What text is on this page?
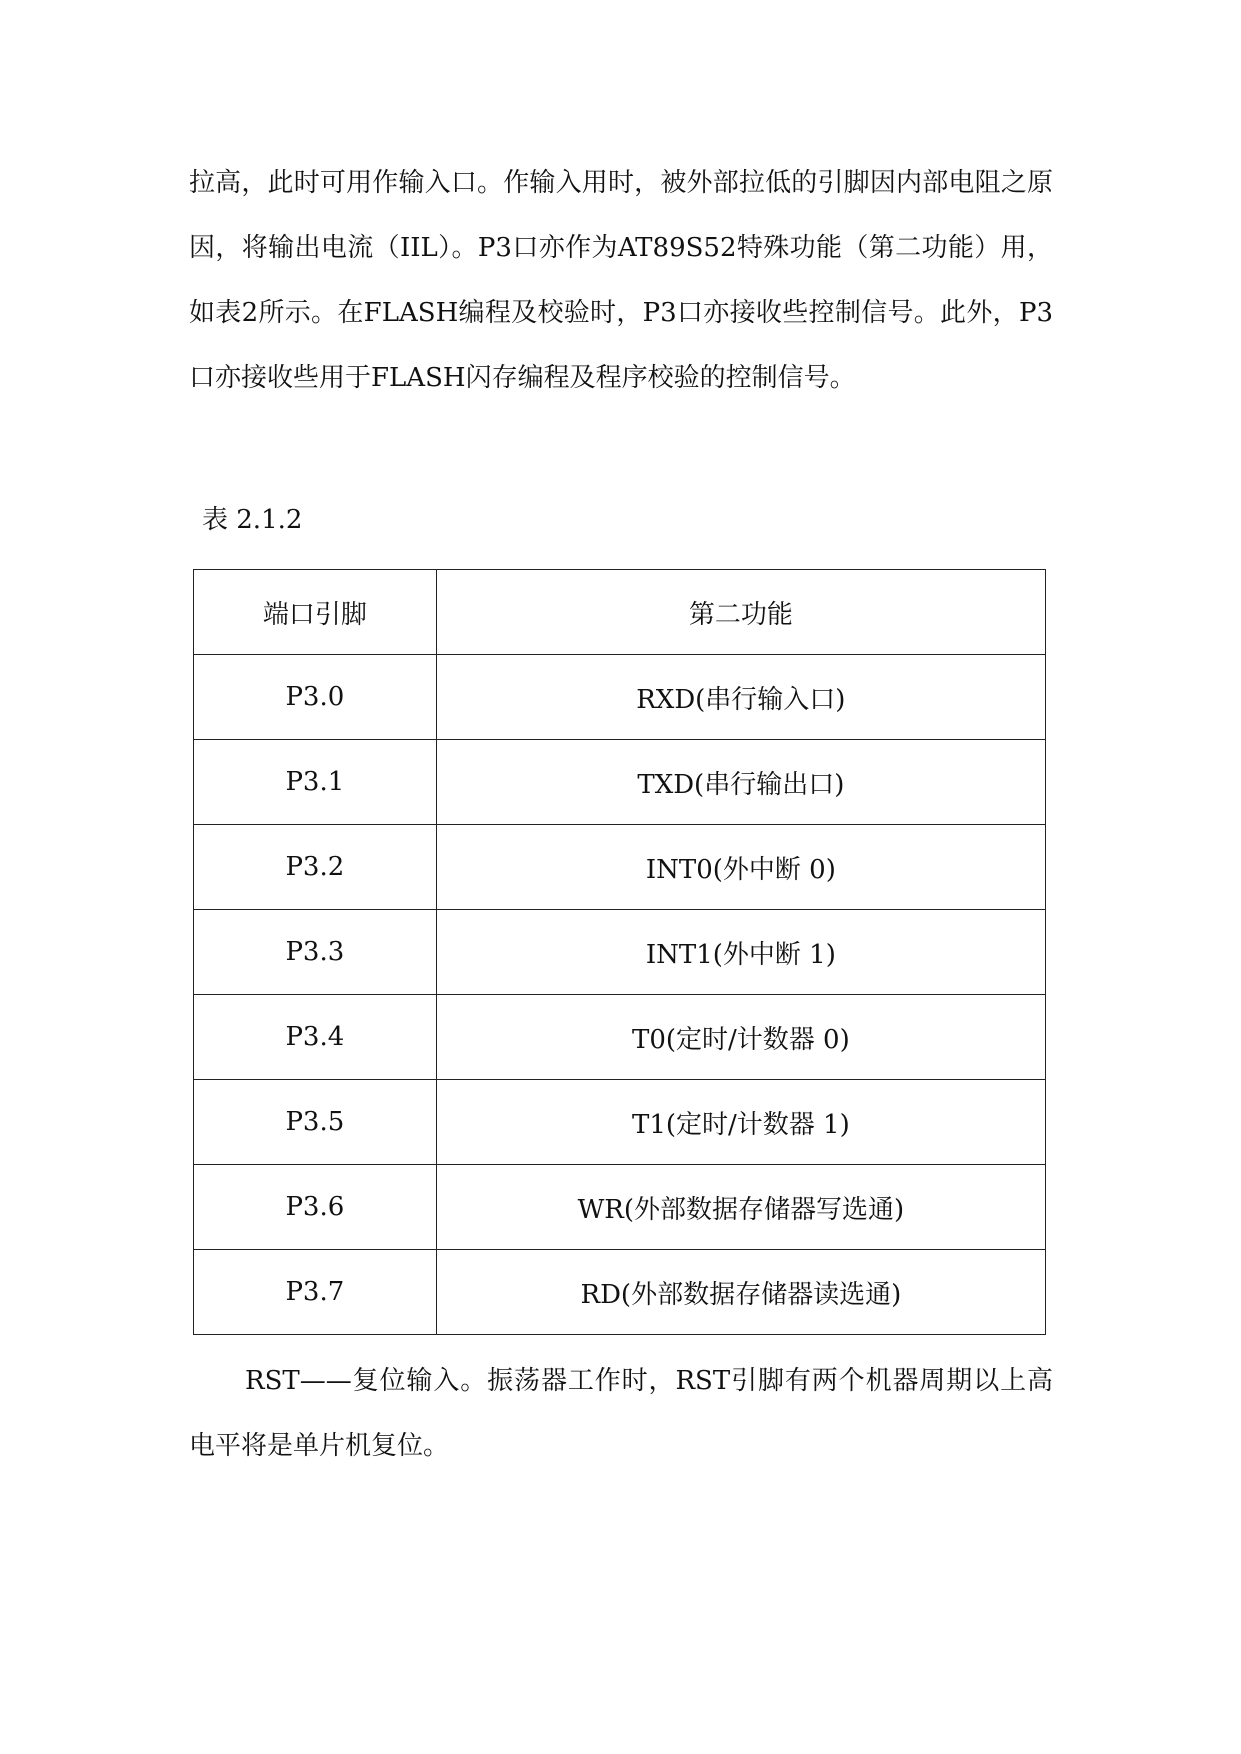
拉高，此时可用作输入口。作输入用时，被外部拉低的引脚因内部电阻之原因，将输出电流（IIL）。P3口亦作为AT89S52特殊功能（第二功能）用，如表2所示。在FLASH编程及校验时，P3口亦接收些控制信号。此外，P3口亦接收些用于FLASH闪存编程及程序校验的控制信号。

表 2.1.2
端口引脚	第二功能
P3.0	RXD(串行输入口)
P3.1	TXD(串行输出口)
P3.2	INT0(外中断 0)
P3.3	INT1(外中断 1)
P3.4	T0(定时/计数器 0)
P3.5	T1(定时/计数器 1)
P3.6	WR(外部数据存储器写选通)
P3.7	RD(外部数据存储器读选通)

RST——复位输入。振荡器工作时，RST引脚有两个机器周期以上高电平将是单片机复位。
